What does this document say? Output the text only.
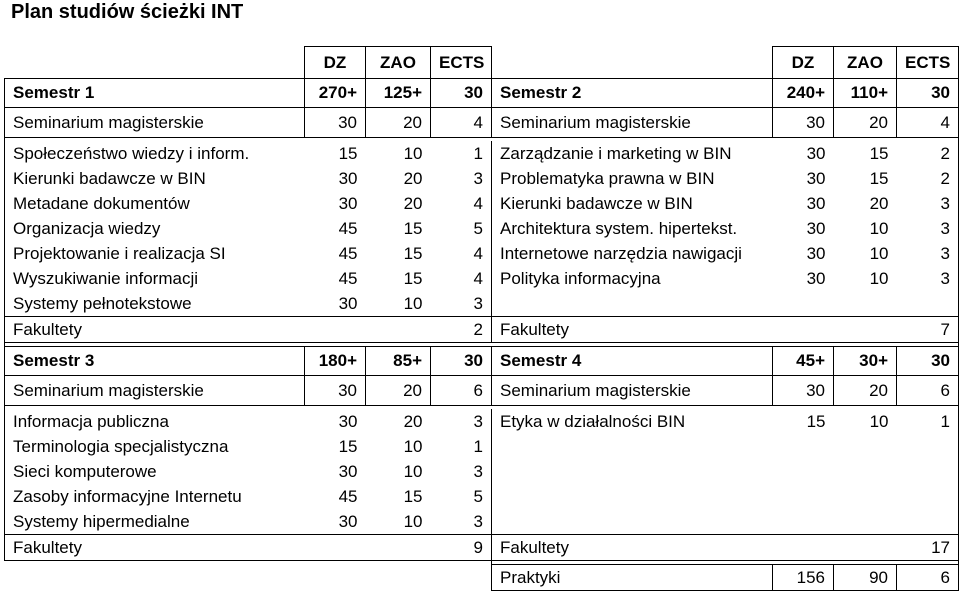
Plan studiów ścieżki INT
	DZ	ZAO	ECTS		DZ	ZAO	ECTS
Semestr 1	270+	125+	30	Semestr 2	240+	110+	30
Seminarium magisterskie	30	20	4	Seminarium magisterskie	30	20	4

Społeczeństwo wiedzy i inform.	15	10	1	Zarządzanie i marketing w BIN	30	15	2
Kierunki badawcze w BIN	30	20	3	Problematyka prawna w BIN	30	15	2
Metadane dokumentów	30	20	4	Kierunki badawcze w BIN	30	20	3
Organizacja wiedzy	45	15	5	Architektura system. hipertekst.	30	10	3
Projektowanie i realizacja SI	45	15	4	Internetowe narzędzia nawigacji	30	10	3
Wyszukiwanie informacji	45	15	4	Polityka informacyjna	30	10	3
Systemy pełnotekstowe	30	10	3				
Fakultety			2	Fakultety			7

Semestr 3	180+	85+	30	Semestr 4	45+	30+	30
Seminarium magisterskie	30	20	6	Seminarium magisterskie	30	20	6

Informacja publiczna	30	20	3	Etyka w działalności BIN	15	10	1
Terminologia specjalistyczna	15	10	1				
Sieci komputerowe	30	10	3				
Zasoby informacyjne Internetu	45	15	5				
Systemy hipermedialne	30	10	3				
Fakultety			9	Fakultety			17

				Praktyki	156	90	6
